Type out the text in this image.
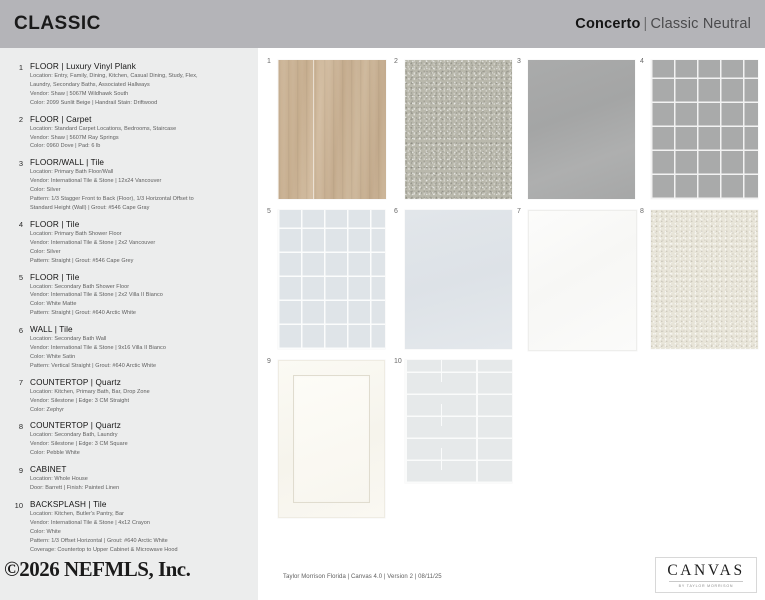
CLASSIC	Concerto | Classic Neutral
1 FLOOR | Luxury Vinyl Plank
Location: Entry, Family, Dining, Kitchen, Casual Dining, Study, Flex,
Laundry, Secondary Baths, Associated Hallways
Vendor: Shaw | 5067M Wildhawk South
Color: 2099 Sunlit Beige | Handrail Stain: Driftwood
2 FLOOR | Carpet
Location: Standard Carpet Locations, Bedrooms, Staircase
Vendor: Shaw | 5607M Ray Springs
Color: 0960 Dove | Pad: 6 lb
3 FLOOR/WALL | Tile
Location: Primary Bath Floor/Wall
Vendor: International Tile & Stone | 12x24 Vancouver
Color: Silver
Pattern: 1/3 Stagger Front to Back (Floor), 1/3 Horizontal Offset to
Standard Height (Wall) | Grout: #546 Cape Gray
4 FLOOR | Tile
Location: Primary Bath Shower Floor
Vendor: International Tile & Stone | 2x2 Vancouver
Color: Silver
Pattern: Straight | Grout: #546 Cape Grey
5 FLOOR | Tile
Location: Secondary Bath Shower Floor
Vendor: International Tile & Stone | 2x2 Villa II Bianco
Color: White Matte
Pattern: Straight | Grout: #640 Arctic White
6 WALL | Tile
Location: Secondary Bath Wall
Vendor: International Tile & Stone | 9x16 Villa II Bianco
Color: White Satin
Pattern: Vertical Straight | Grout: #640 Arctic White
7 COUNTERTOP | Quartz
Location: Kitchen, Primary Bath, Bar, Drop Zone
Vendor: Silestone | Edge: 3 CM Straight
Color: Zephyr
8 COUNTERTOP | Quartz
Location: Secondary Bath, Laundry
Vendor: Silestone | Edge: 3 CM Square
Color: Pebble White
9 CABINET
Location: Whole House
Door: Barrett | Finish: Painted Linen
10 BACKSPLASH | Tile
Location: Kitchen, Butler's Pantry, Bar
Vendor: International Tile & Stone | 4x12 Crayon
Color: White
Pattern: 1/3 Offset Horizontal | Grout: #640 Arctic White
Coverage: Countertop to Upper Cabinet & Microwave Hood
1	2	3	4
5	6	7	8
9	10
Taylor Morrison Florida | Canvas 4.0 | Version 2 | 08/11/25	CANVAS
BY TAYLOR MORRISON
©2026 NEFMLS, Inc.
